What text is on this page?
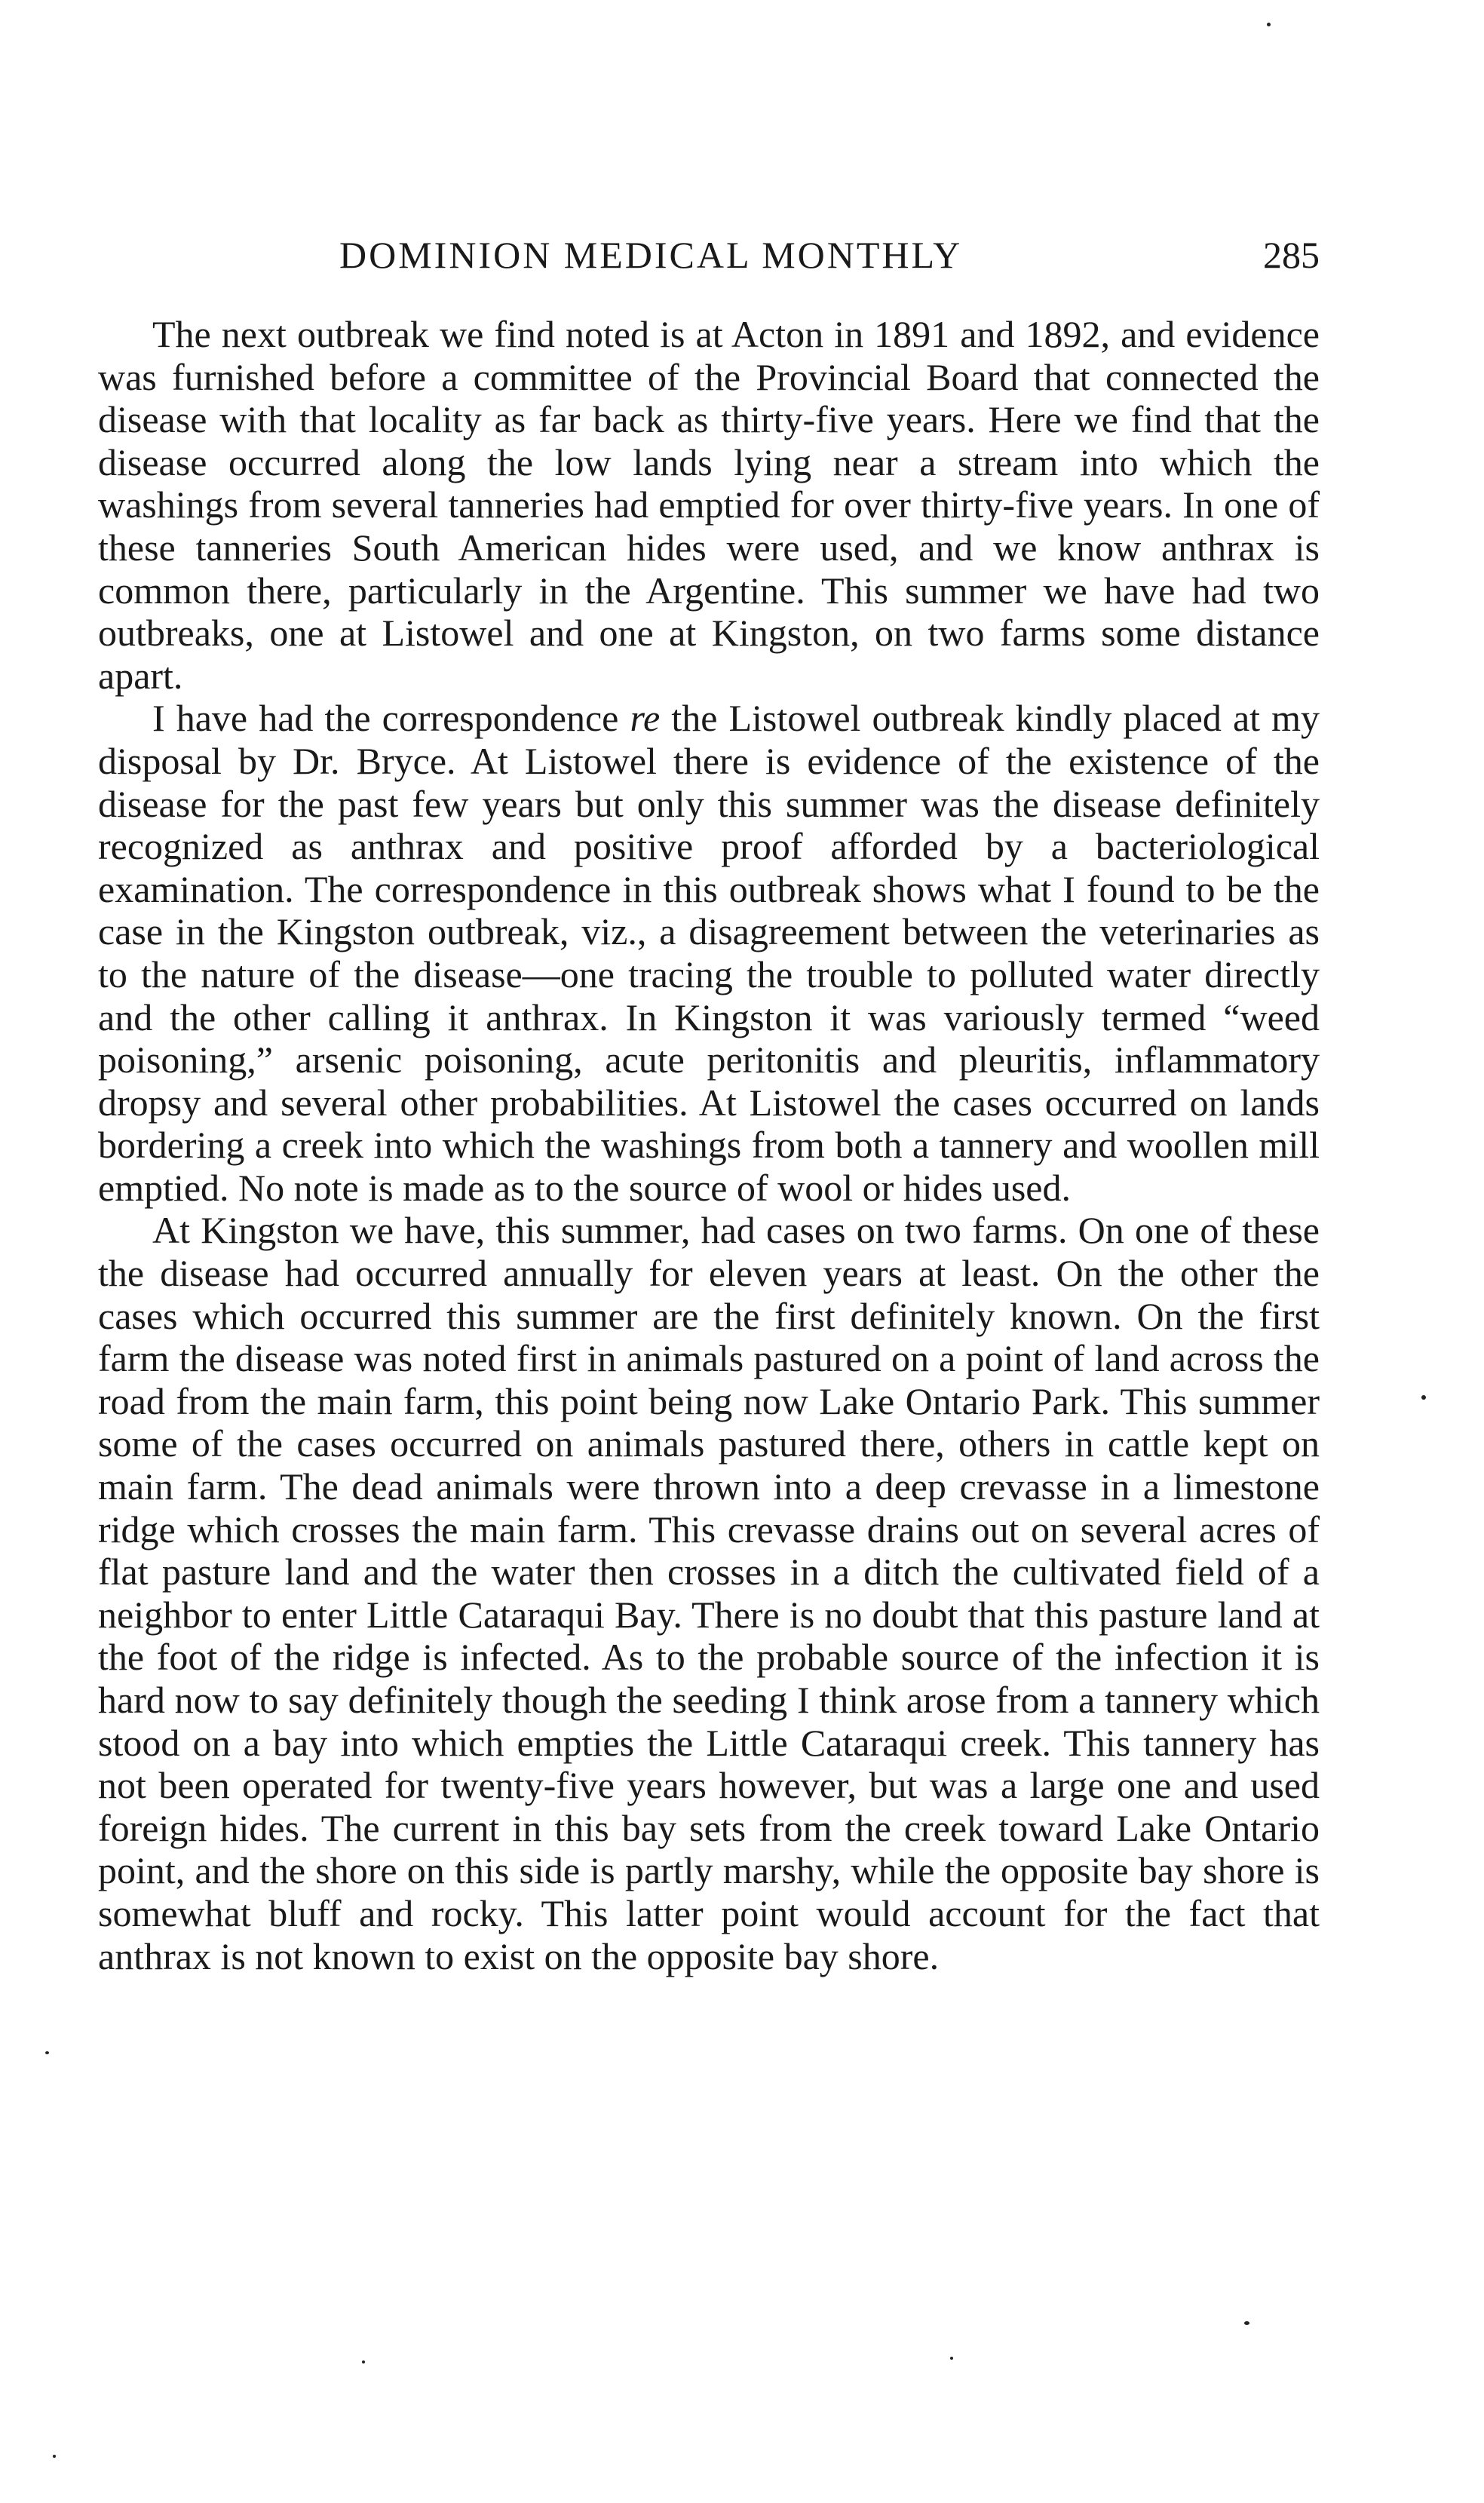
DOMINION MEDICAL MONTHLY	285

The next outbreak we find noted is at Acton in 1891 and 1892, and evidence was furnished before a committee of the Provincial Board that connected the disease with that locality as far back as thirty-five years. Here we find that the disease occurred along the low lands lying near a stream into which the washings from several tanneries had emptied for over thirty-five years. In one of these tanneries South American hides were used, and we know anthrax is common there, particularly in the Argentine. This summer we have had two outbreaks, one at Listowel and one at Kingston, on two farms some distance apart.

I have had the correspondence re the Listowel outbreak kindly placed at my disposal by Dr. Bryce. At Listowel there is evidence of the existence of the disease for the past few years but only this summer was the disease definitely recognized as anthrax and positive proof afforded by a bacteriological examination. The correspondence in this outbreak shows what I found to be the case in the Kingston outbreak, viz., a disagreement between the veterinaries as to the nature of the disease—one tracing the trouble to polluted water directly and the other calling it anthrax. In Kingston it was variously termed “weed poisoning,” arsenic poisoning, acute peritonitis and pleuritis, inflammatory dropsy and several other probabilities. At Listowel the cases occurred on lands bordering a creek into which the washings from both a tannery and woollen mill emptied. No note is made as to the source of wool or hides used.

At Kingston we have, this summer, had cases on two farms. On one of these the disease had occurred annually for eleven years at least. On the other the cases which occurred this summer are the first definitely known. On the first farm the disease was noted first in animals pastured on a point of land across the road from the main farm, this point being now Lake Ontario Park. This summer some of the cases occurred on animals pastured there, others in cattle kept on main farm. The dead animals were thrown into a deep crevasse in a limestone ridge which crosses the main farm. This crevasse drains out on several acres of flat pasture land and the water then crosses in a ditch the cultivated field of a neighbor to enter Little Cataraqui Bay. There is no doubt that this pasture land at the foot of the ridge is infected. As to the probable source of the infection it is hard now to say definitely though the seeding I think arose from a tannery which stood on a bay into which empties the Little Cataraqui creek. This tannery has not been operated for twenty-five years however, but was a large one and used foreign hides. The current in this bay sets from the creek toward Lake Ontario point, and the shore on this side is partly marshy, while the opposite bay shore is somewhat bluff and rocky. This latter point would account for the fact that anthrax is not known to exist on the opposite bay shore.
